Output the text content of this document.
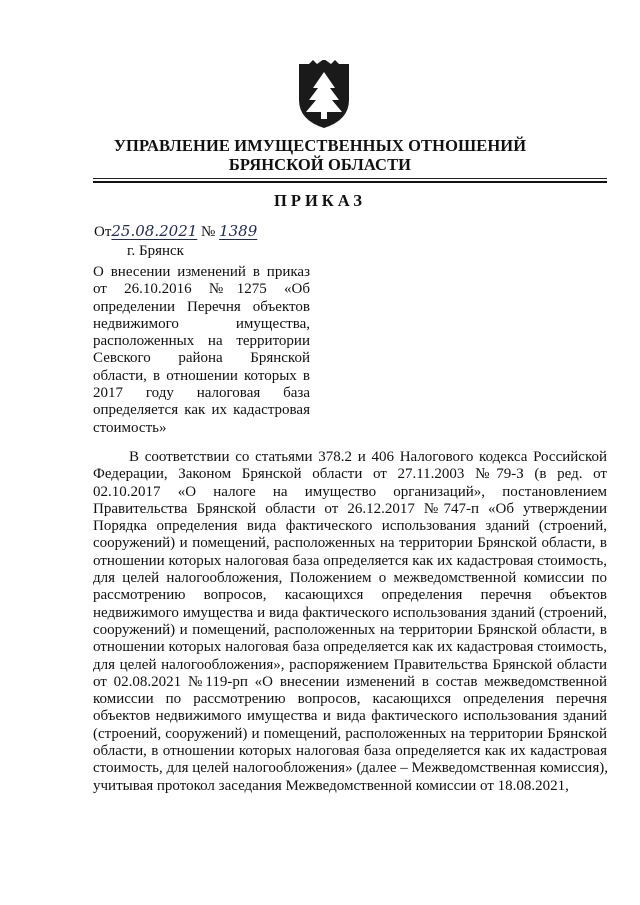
УПРАВЛЕНИЕ ИМУЩЕСТВЕННЫХ ОТНОШЕНИЙ
БРЯНСКОЙ ОБЛАСТИ
ПРИКАЗ
От25.08.2021 № 1389
г. Брянск
О внесении изменений в приказ
от 26.10.2016 №1275 «Об
определении Перечня объектов
недвижимого имущества,
расположенных на территории
Севского района Брянской
области, в отношении которых в
2017 году налоговая база
определяется как их кадастровая
стоимость»
В соответствии со статьями 378.2 и 406 Налогового кодекса Российской
Федерации, Законом Брянской области от 27.11.2003 №79-З (в ред. от
02.10.2017 «О налоге на имущество организаций», постановлением
Правительства Брянской области от 26.12.2017 №747-п «Об утверждении
Порядка определения вида фактического использования зданий (строений,
сооружений) и помещений, расположенных на территории Брянской области, в
отношении которых налоговая база определяется как их кадастровая стоимость,
для целей налогообложения, Положением о межведомственной комиссии по
рассмотрению вопросов, касающихся определения перечня объектов
недвижимого имущества и вида фактического использования зданий (строений,
сооружений) и помещений, расположенных на территории Брянской области, в
отношении которых налоговая база определяется как их кадастровая стоимость,
для целей налогообложения», распоряжением Правительства Брянской области
от 02.08.2021 №119-рп «О внесении изменений в состав межведомственной
комиссии по рассмотрению вопросов, касающихся определения перечня
объектов недвижимого имущества и вида фактического использования зданий
(строений, сооружений) и помещений, расположенных на территории Брянской
области, в отношении которых налоговая база определяется как их кадастровая
стоимость, для целей налогообложения» (далее – Межведомственная комиссия),
учитывая протокол заседания Межведомственной комиссии от 18.08.2021,
